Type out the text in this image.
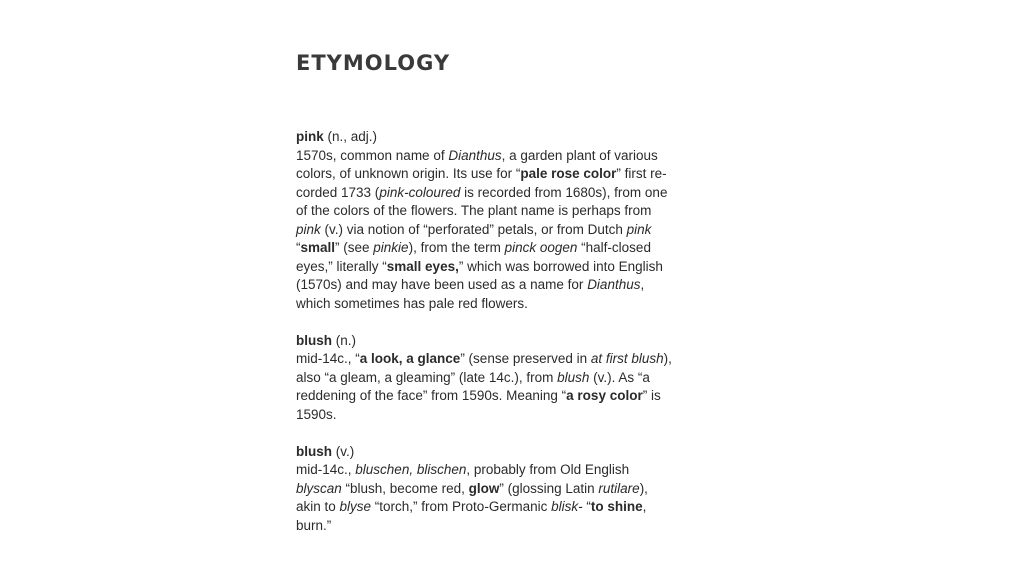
ETYMOLOGY
pink (n., adj.)
1570s, common name of Dianthus, a garden plant of various
colors, of unknown origin. Its use for “pale rose color” first re-
corded 1733 (pink-coloured is recorded from 1680s), from one
of the colors of the flowers. The plant name is perhaps from
pink (v.) via notion of “perforated” petals, or from Dutch pink
“small” (see pinkie), from the term pinck oogen “half-closed
eyes,” literally “small eyes,” which was borrowed into English
(1570s) and may have been used as a name for Dianthus,
which sometimes has pale red flowers.
blush (n.)
mid-14c., “a look, a glance” (sense preserved in at first blush),
also “a gleam, a gleaming” (late 14c.), from blush (v.). As “a
reddening of the face” from 1590s. Meaning “a rosy color” is
1590s.
blush (v.)
mid-14c., bluschen, blischen, probably from Old English
blyscan “blush, become red, glow” (glossing Latin rutilare),
akin to blyse “torch,” from Proto-Germanic blisk- “to shine,
burn.”
